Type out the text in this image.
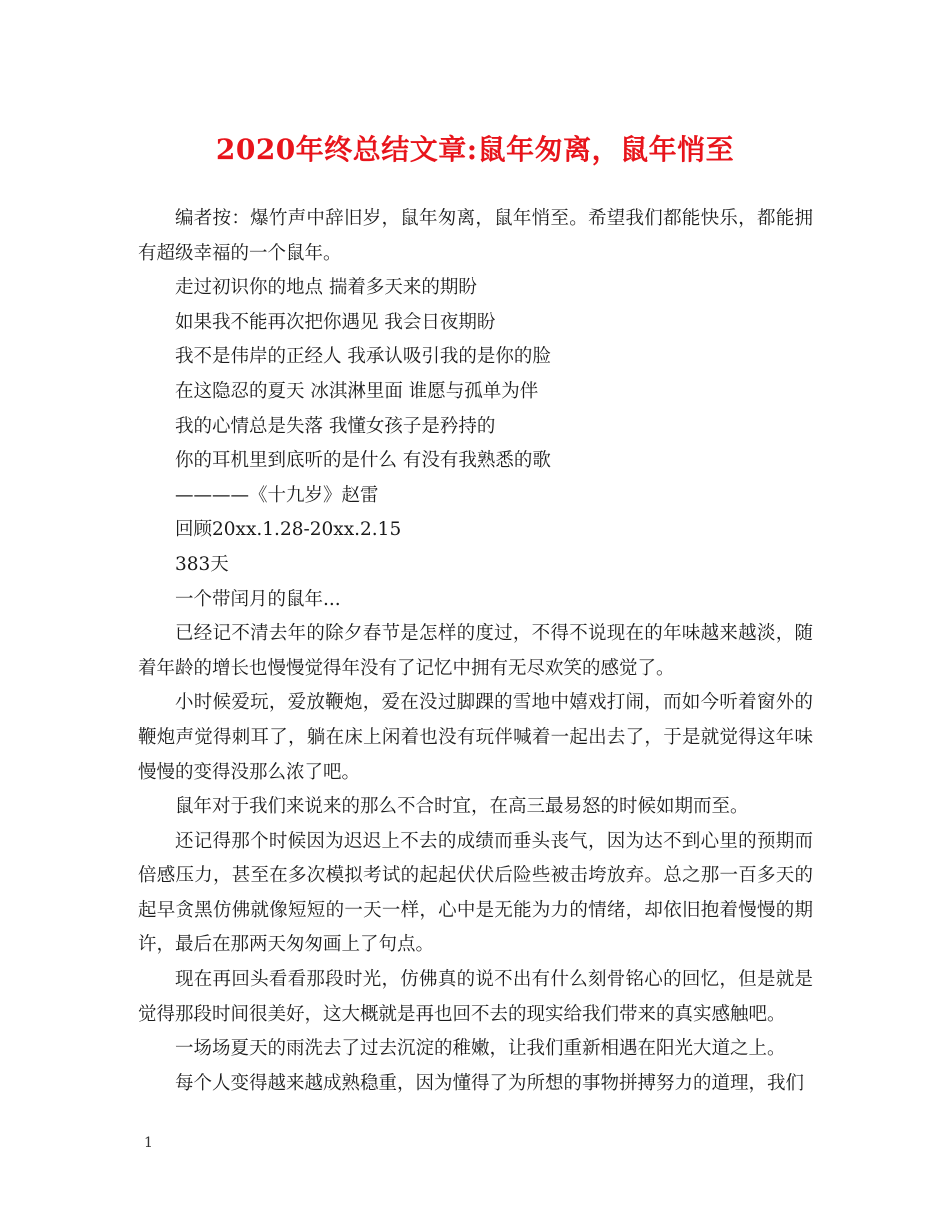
2020年终总结文章:鼠年匆离，鼠年悄至

编者按：爆竹声中辞旧岁，鼠年匆离，鼠年悄至。希望我们都能快乐，都能拥有超级幸福的一个鼠年。

走过初识你的地点 揣着多天来的期盼

如果我不能再次把你遇见 我会日夜期盼

我不是伟岸的正经人 我承认吸引我的是你的脸

在这隐忍的夏天 冰淇淋里面 谁愿与孤单为伴

我的心情总是失落 我懂女孩子是矜持的

你的耳机里到底听的是什么 有没有我熟悉的歌

————《十九岁》赵雷

回顾20xx.1.28-20xx.2.15

383天

一个带闰月的鼠年...

已经记不清去年的除夕春节是怎样的度过，不得不说现在的年味越来越淡，随着年龄的增长也慢慢觉得年没有了记忆中拥有无尽欢笑的感觉了。

小时候爱玩，爱放鞭炮，爱在没过脚踝的雪地中嬉戏打闹，而如今听着窗外的鞭炮声觉得刺耳了，躺在床上闲着也没有玩伴喊着一起出去了，于是就觉得这年味慢慢的变得没那么浓了吧。

鼠年对于我们来说来的那么不合时宜，在高三最易怒的时候如期而至。

还记得那个时候因为迟迟上不去的成绩而垂头丧气，因为达不到心里的预期而倍感压力，甚至在多次模拟考试的起起伏伏后险些被击垮放弃。总之那一百多天的起早贪黑仿佛就像短短的一天一样，心中是无能为力的情绪，却依旧抱着慢慢的期许，最后在那两天匆匆画上了句点。

现在再回头看看那段时光，仿佛真的说不出有什么刻骨铭心的回忆，但是就是觉得那段时间很美好，这大概就是再也回不去的现实给我们带来的真实感触吧。

一场场夏天的雨洗去了过去沉淀的稚嫩，让我们重新相遇在阳光大道之上。

每个人变得越来越成熟稳重，因为懂得了为所想的事物拼搏努力的道理，我们

1
